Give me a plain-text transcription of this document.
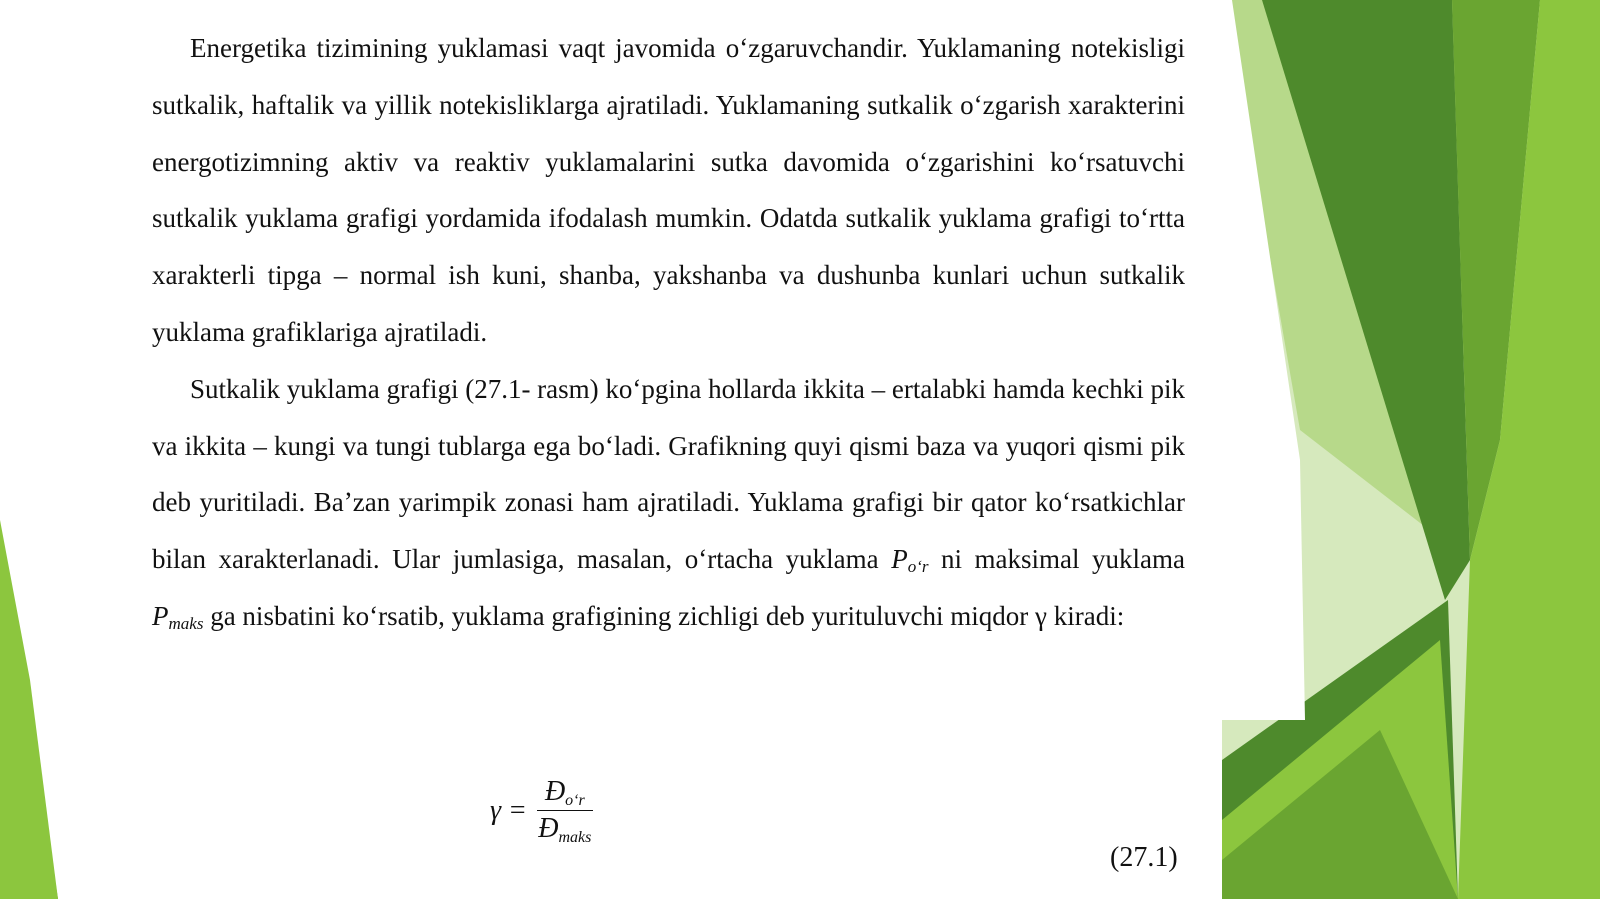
Energetika tizimining yuklamasi vaqt javomida oʻzgaruvchandir. Yuklamaning notekisligi sutkalik, haftalik va yillik notekisliklarga ajratiladi. Yuklamaning sutkalik oʻzgarish xarakterini energotizimning aktiv va reaktiv yuklamalarini sutka davomida oʻzgarishini koʻrsatuvchi sutkalik yuklama grafigi yordamida ifodalash mumkin. Odatda sutkalik yuklama grafigi toʻrtta xarakterli tipga – normal ish kuni, shanba, yakshanba va dushunba kunlari uchun sutkalik yuklama grafiklariga ajratiladi.

Sutkalik yuklama grafigi (27.1- rasm) koʻpgina hollarda ikkita – ertalabki hamda kechki pik va ikkita – kungi va tungi tublarga ega boʻladi. Grafikning quyi qismi baza va yuqori qismi pik deb yuritiladi. Baʼzan yarimpik zonasi ham ajratiladi. Yuklama grafigi bir qator koʻrsatkichlar bilan xarakterlanadi. Ular jumlasiga, masalan, oʻrtacha yuklama $P_{oʻr}$ ni maksimal yuklama $P_{maks}$ ga nisbatini koʻrsatib, yuklama grafigining zichligi deb yurituluvchi miqdor γ kiradi:

$\gamma = \frac{Đ_{oʻr}}{Đ_{maks}}$
(27.1)
